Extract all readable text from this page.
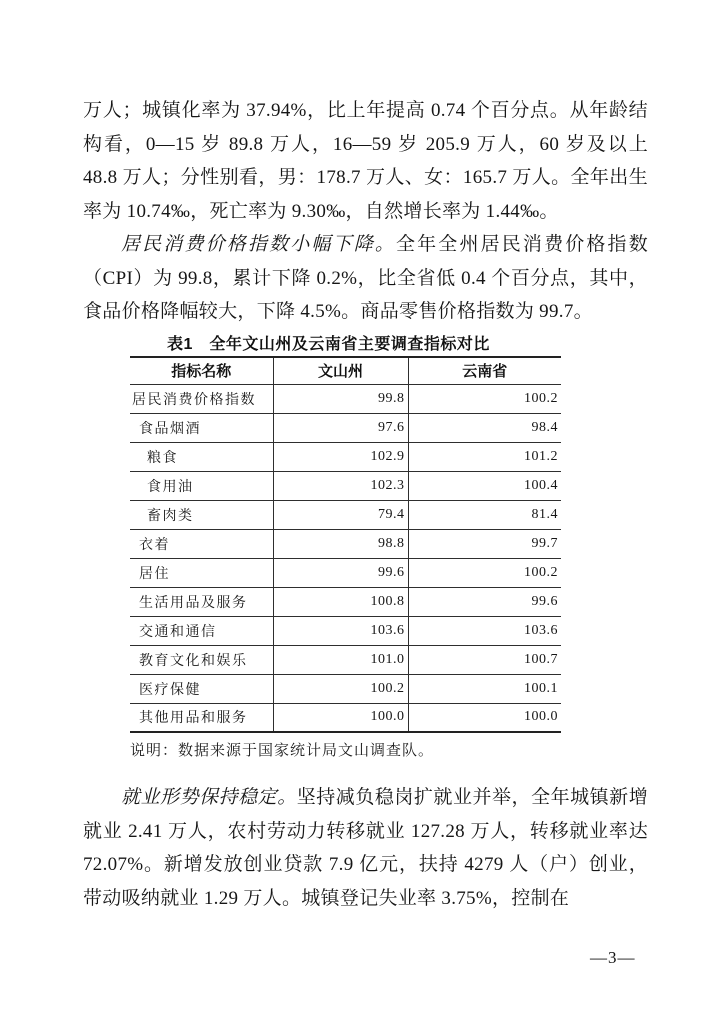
万人；城镇化率为 37.94%，比上年提高 0.74 个百分点。从年龄结构看，0—15 岁 89.8 万人，16—59 岁 205.9 万人，60 岁及以上 48.8 万人；分性别看，男：178.7 万人、女：165.7 万人。全年出生率为 10.74‰，死亡率为 9.30‰，自然增长率为 1.44‰。

居民消费价格指数小幅下降。全年全州居民消费价格指数（CPI）为 99.8，累计下降 0.2%，比全省低 0.4 个百分点，其中，食品价格降幅较大，下降 4.5%。商品零售价格指数为 99.7。

表1　全年文山州及云南省主要调查指标对比
指标名称	文山州	云南省
居民消费价格指数	99.8	100.2
食品烟酒	97.6	98.4
粮食	102.9	101.2
食用油	102.3	100.4
畜肉类	79.4	81.4
衣着	98.8	99.7
居住	99.6	100.2
生活用品及服务	100.8	99.6
交通和通信	103.6	103.6
教育文化和娱乐	101.0	100.7
医疗保健	100.2	100.1
其他用品和服务	100.0	100.0
说明：数据来源于国家统计局文山调查队。

就业形势保持稳定。坚持减负稳岗扩就业并举，全年城镇新增就业 2.41 万人，农村劳动力转移就业 127.28 万人，转移就业率达 72.07%。新增发放创业贷款 7.9 亿元，扶持 4279 人（户）创业，带动吸纳就业 1.29 万人。城镇登记失业率 3.75%，控制在

—3—
